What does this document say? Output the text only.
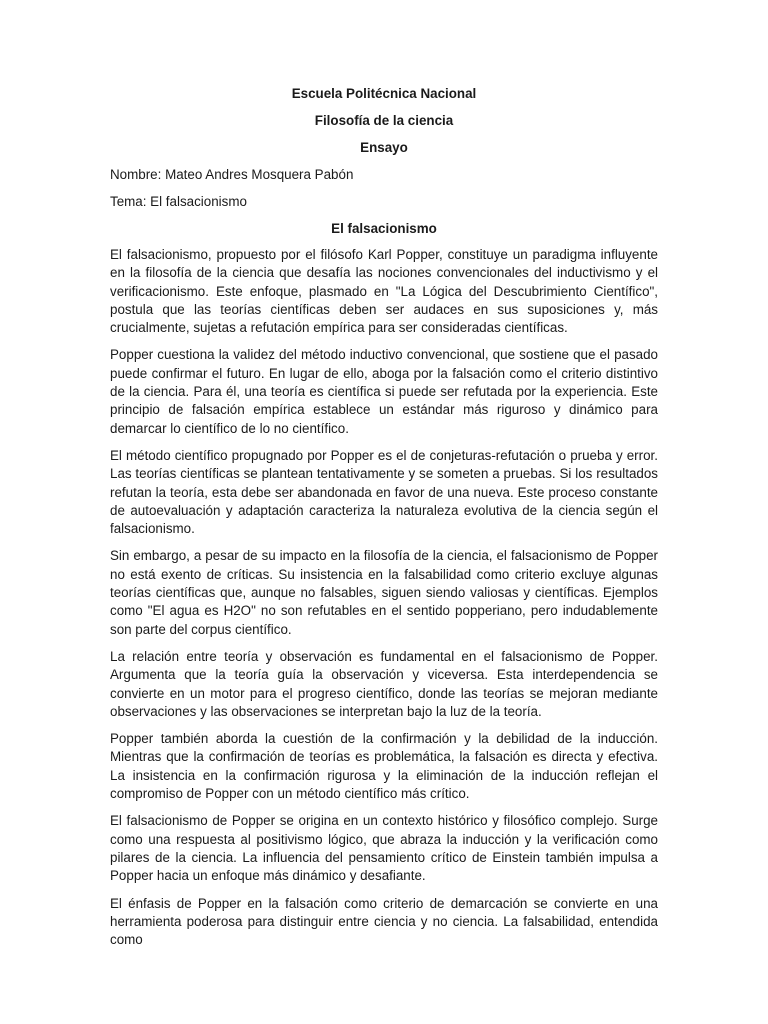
Escuela Politécnica Nacional

Filosofía de la ciencia

Ensayo

Nombre: Mateo Andres Mosquera Pabón

Tema: El falsacionismo

El falsacionismo

El falsacionismo, propuesto por el filósofo Karl Popper, constituye un paradigma influyente en la filosofía de la ciencia que desafía las nociones convencionales del inductivismo y el verificacionismo. Este enfoque, plasmado en "La Lógica del Descubrimiento Científico", postula que las teorías científicas deben ser audaces en sus suposiciones y, más crucialmente, sujetas a refutación empírica para ser consideradas científicas.

Popper cuestiona la validez del método inductivo convencional, que sostiene que el pasado puede confirmar el futuro. En lugar de ello, aboga por la falsación como el criterio distintivo de la ciencia. Para él, una teoría es científica si puede ser refutada por la experiencia. Este principio de falsación empírica establece un estándar más riguroso y dinámico para demarcar lo científico de lo no científico.

El método científico propugnado por Popper es el de conjeturas-refutación o prueba y error. Las teorías científicas se plantean tentativamente y se someten a pruebas. Si los resultados refutan la teoría, esta debe ser abandonada en favor de una nueva. Este proceso constante de autoevaluación y adaptación caracteriza la naturaleza evolutiva de la ciencia según el falsacionismo.

Sin embargo, a pesar de su impacto en la filosofía de la ciencia, el falsacionismo de Popper no está exento de críticas. Su insistencia en la falsabilidad como criterio excluye algunas teorías científicas que, aunque no falsables, siguen siendo valiosas y científicas. Ejemplos como "El agua es H2O" no son refutables en el sentido popperiano, pero indudablemente son parte del corpus científico.

La relación entre teoría y observación es fundamental en el falsacionismo de Popper. Argumenta que la teoría guía la observación y viceversa. Esta interdependencia se convierte en un motor para el progreso científico, donde las teorías se mejoran mediante observaciones y las observaciones se interpretan bajo la luz de la teoría.

Popper también aborda la cuestión de la confirmación y la debilidad de la inducción. Mientras que la confirmación de teorías es problemática, la falsación es directa y efectiva. La insistencia en la confirmación rigurosa y la eliminación de la inducción reflejan el compromiso de Popper con un método científico más crítico.

El falsacionismo de Popper se origina en un contexto histórico y filosófico complejo. Surge como una respuesta al positivismo lógico, que abraza la inducción y la verificación como pilares de la ciencia. La influencia del pensamiento crítico de Einstein también impulsa a Popper hacia un enfoque más dinámico y desafiante.

El énfasis de Popper en la falsación como criterio de demarcación se convierte en una herramienta poderosa para distinguir entre ciencia y no ciencia. La falsabilidad, entendida como
